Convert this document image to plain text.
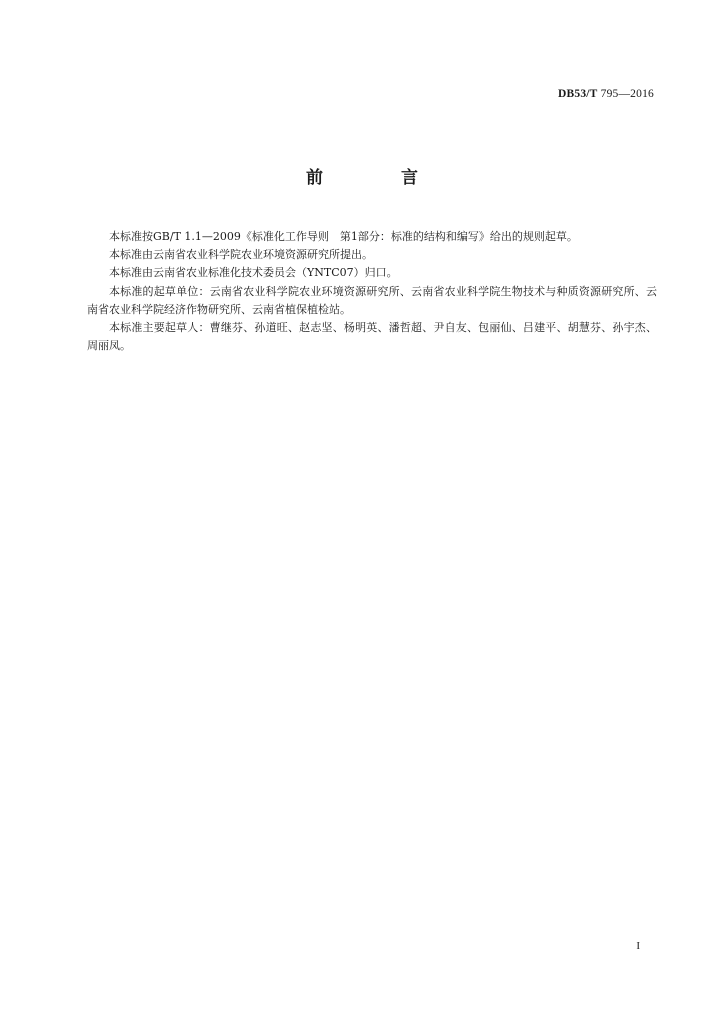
DB53/T 795—2016
前 言

本标准按GB/T 1.1—2009《标准化工作导则　第1部分：标准的结构和编写》给出的规则起草。

本标准由云南省农业科学院农业环境资源研究所提出。

本标准由云南省农业标准化技术委员会（YNTC07）归口。

本标准的起草单位：云南省农业科学院农业环境资源研究所、云南省农业科学院生物技术与种质资源研究所、云南省农业科学院经济作物研究所、云南省植保植检站。

本标准主要起草人：曹继芬、孙道旺、赵志坚、杨明英、潘哲超、尹自友、包丽仙、吕建平、胡慧芬、孙宇杰、周丽凤。

I
